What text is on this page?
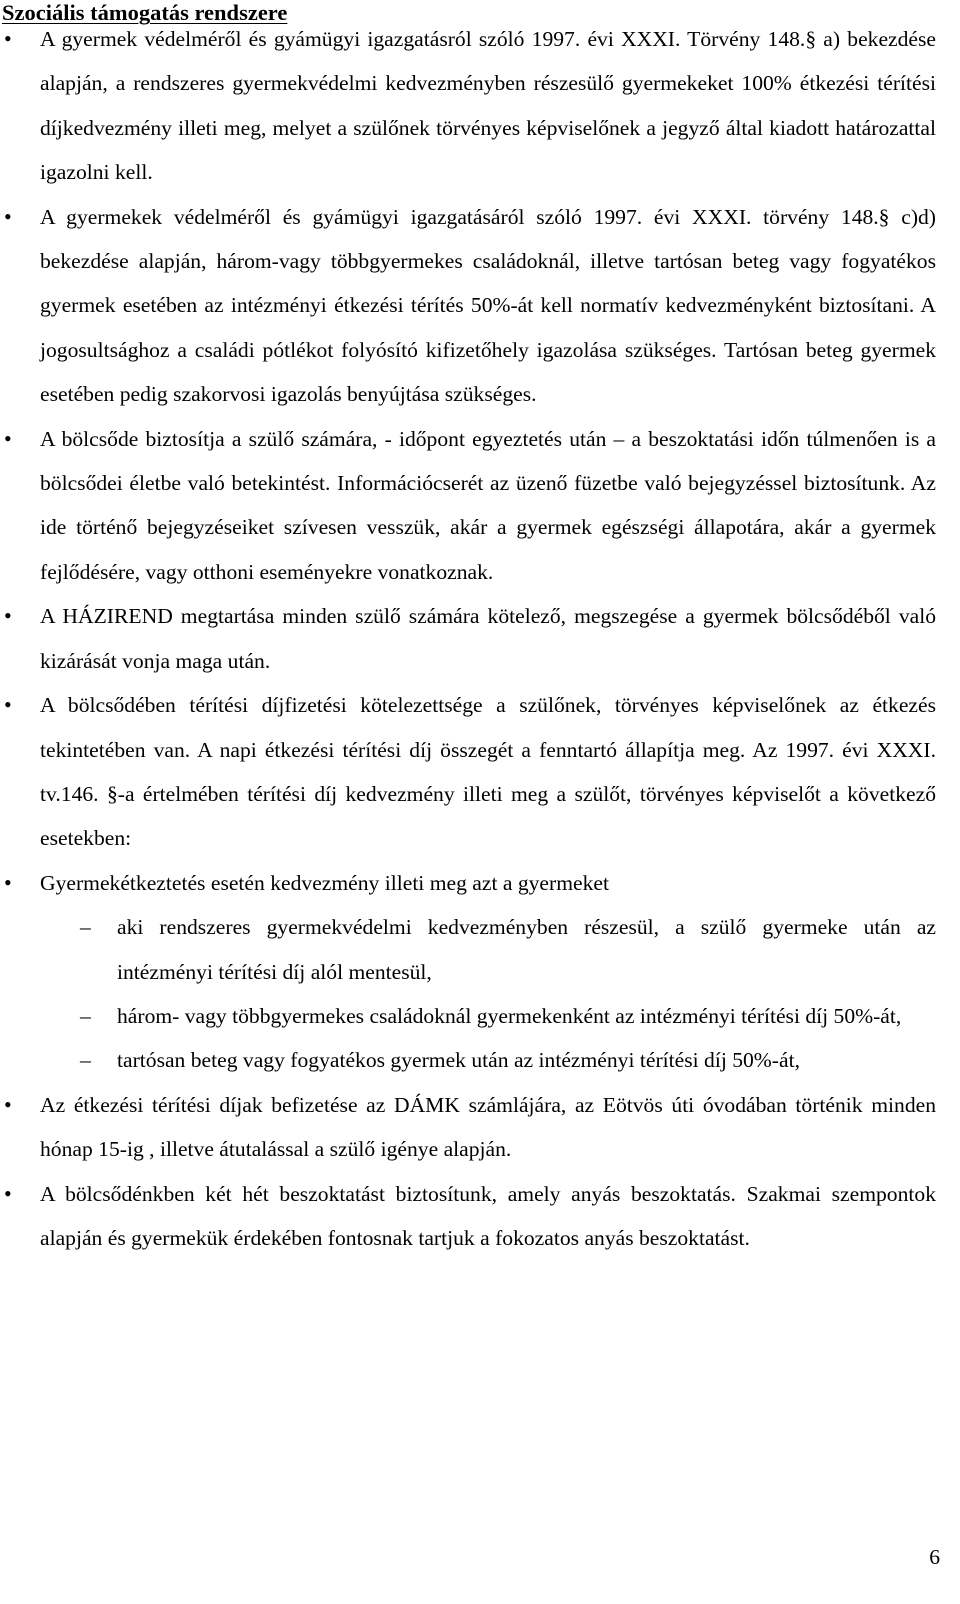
Szociális támogatás rendszere
• A gyermek védelméről és gyámügyi igazgatásról szóló 1997. évi XXXI. Törvény 148.§ a) bekezdése alapján, a rendszeres gyermekvédelmi kedvezményben részesülő gyermekeket 100% étkezési térítési díjkedvezmény illeti meg, melyet a szülőnek törvényes képviselőnek a jegyző által kiadott határozattal igazolni kell.

• A gyermekek védelméről és gyámügyi igazgatásáról szóló 1997. évi XXXI. törvény 148.§ c)d) bekezdése alapján, három-vagy többgyermekes családoknál, illetve tartósan beteg vagy fogyatékos gyermek esetében az intézményi étkezési térítés 50%-át kell normatív kedvezményként biztosítani. A jogosultsághoz a családi pótlékot folyósító kifizetőhely igazolása szükséges. Tartósan beteg gyermek esetében pedig szakorvosi igazolás benyújtása szükséges.

• A bölcsőde biztosítja a szülő számára, - időpont egyeztetés után – a beszoktatási időn túlmenően is a bölcsődei életbe való betekintést. Információcserét az üzenő füzetbe való bejegyzéssel biztosítunk. Az ide történő bejegyzéseiket szívesen vesszük, akár a gyermek egészségi állapotára, akár a gyermek fejlődésére, vagy otthoni eseményekre vonatkoznak.

• A HÁZIREND megtartása minden szülő számára kötelező, megszegése a gyermek bölcsődéből való kizárását vonja maga után.

• A bölcsődében térítési díjfizetési kötelezettsége a szülőnek, törvényes képviselőnek az étkezés tekintetében van. A napi étkezési térítési díj összegét a fenntartó állapítja meg. Az 1997. évi XXXI. tv.146. §-a értelmében térítési díj kedvezmény illeti meg a szülőt, törvényes képviselőt a következő esetekben:

• Gyermekétkeztetés esetén kedvezmény illeti meg azt a gyermeket

– aki rendszeres gyermekvédelmi kedvezményben részesül, a szülő gyermeke után az intézményi térítési díj alól mentesül,

– három- vagy többgyermekes családoknál gyermekenként az intézményi térítési díj 50%-át,

– tartósan beteg vagy fogyatékos gyermek után az intézményi térítési díj 50%-át,

• Az étkezési térítési díjak befizetése az DÁMK számlájára, az Eötvös úti óvodában történik minden hónap 15-ig , illetve átutalással a szülő igénye alapján.

• A bölcsődénkben két hét beszoktatást biztosítunk, amely anyás beszoktatás. Szakmai szempontok alapján és gyermekük érdekében fontosnak tartjuk a fokozatos anyás beszoktatást.

6
